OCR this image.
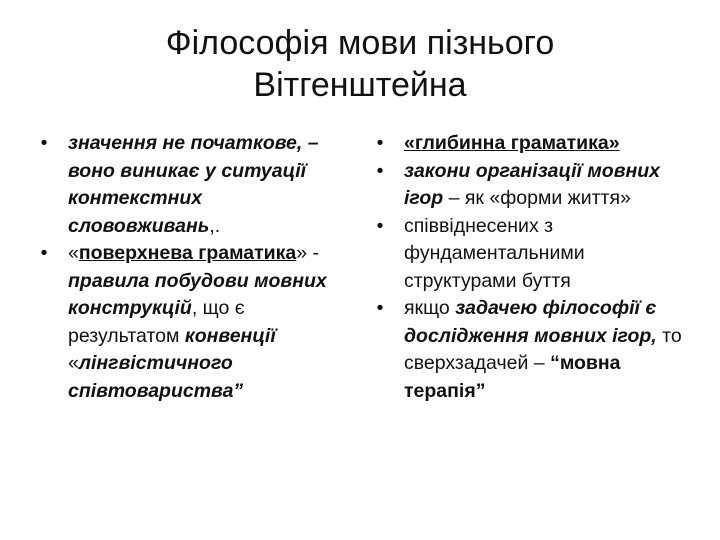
Філософія мови пізнього
Вітгенштейна
•	значення не початкове, – воно виникає у ситуації контекстних слововживань,.
•	«поверхнева граматика» - правила побудови мовних конструкцій, що є результатом конвенції «лінгвістичного співтовариства”
•	«глибинна граматика»
•	закони організації мовних ігор – як «форми життя»
•	співвіднесених з фундаментальними структурами буття
•	якщо задачею філософії є дослідження мовних ігор, то сверхзадачей – “мовна терапія”
